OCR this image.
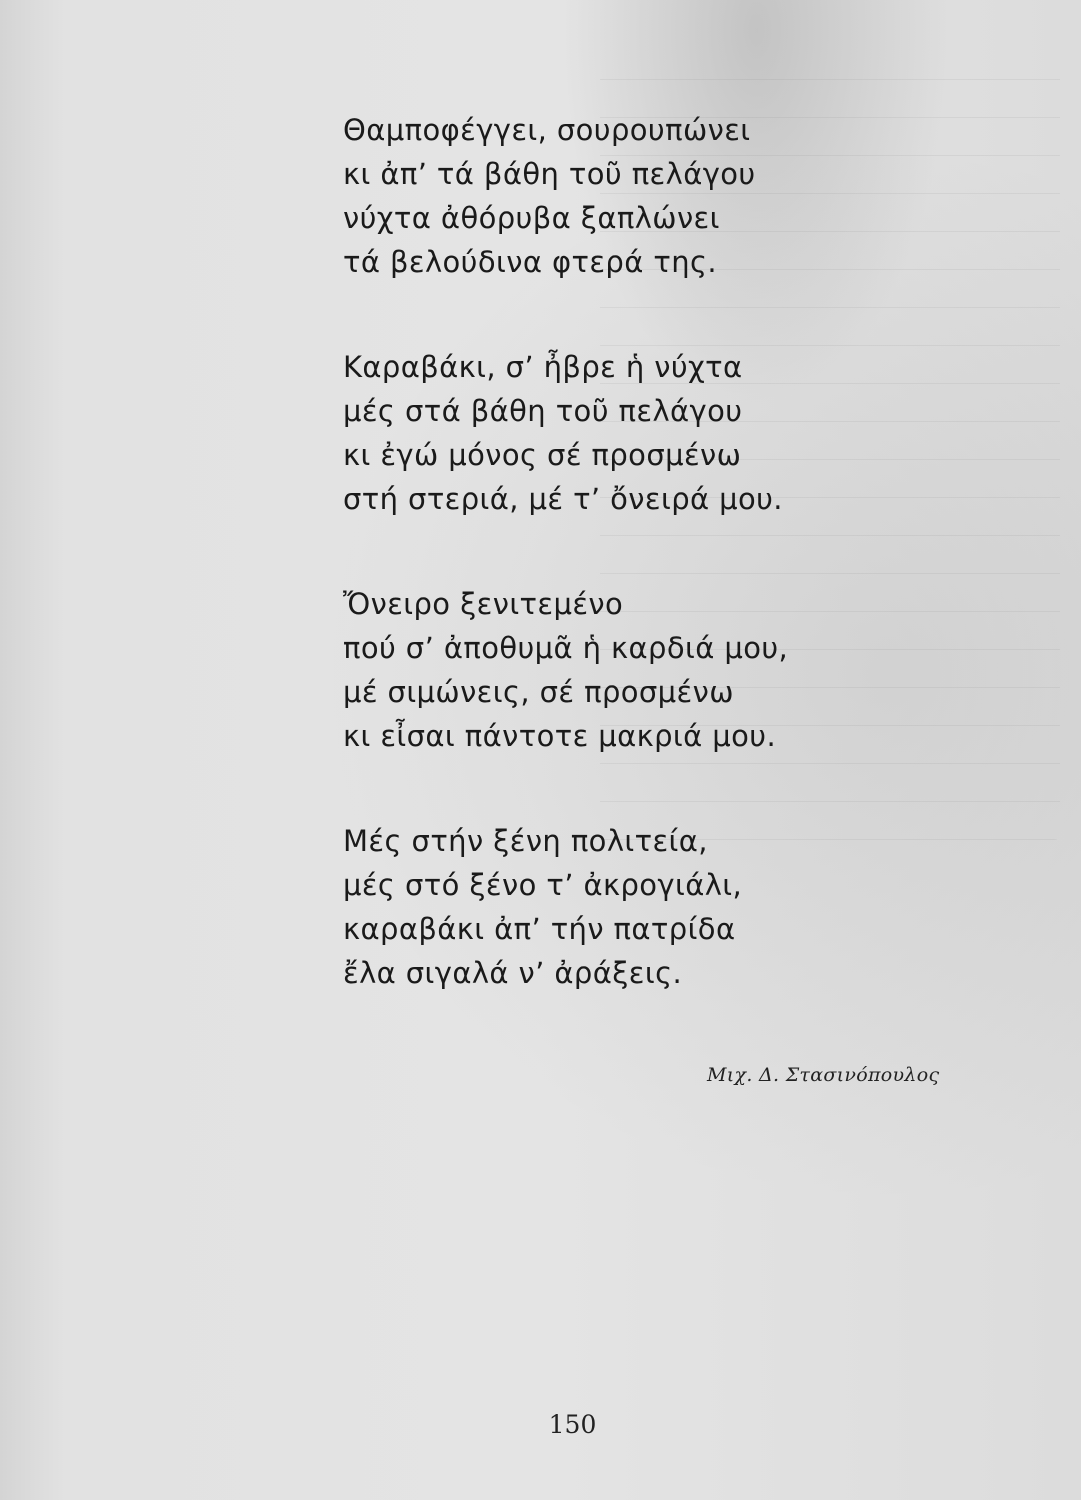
Θαμποφέγγει, σουρουπώνει
κι ἀπ’ τά βάθη τοῦ πελάγου
νύχτα ἀθόρυβα ξαπλώνει
τά βελούδινα φτερά της.
Καραβάκι, σ’ ἦβρε ἡ νύχτα
μές στά βάθη τοῦ πελάγου
κι ἐγώ μόνος σέ προσμένω
στή στεριά, μέ τ’ ὄνειρά μου.
Ὄνειρο ξενιτεμένο
πού σ’ ἀποθυμᾶ ἡ καρδιά μου,
μέ σιμώνεις, σέ προσμένω
κι εἶσαι πάντοτε μακριά μου.
Μές στήν ξένη πολιτεία,
μές στό ξένο τ’ ἀκρογιάλι,
καραβάκι ἀπ’ τήν πατρίδα
ἔλα σιγαλά ν’ ἀράξεις.
Μιχ. Δ. Στασινόπουλος
150
